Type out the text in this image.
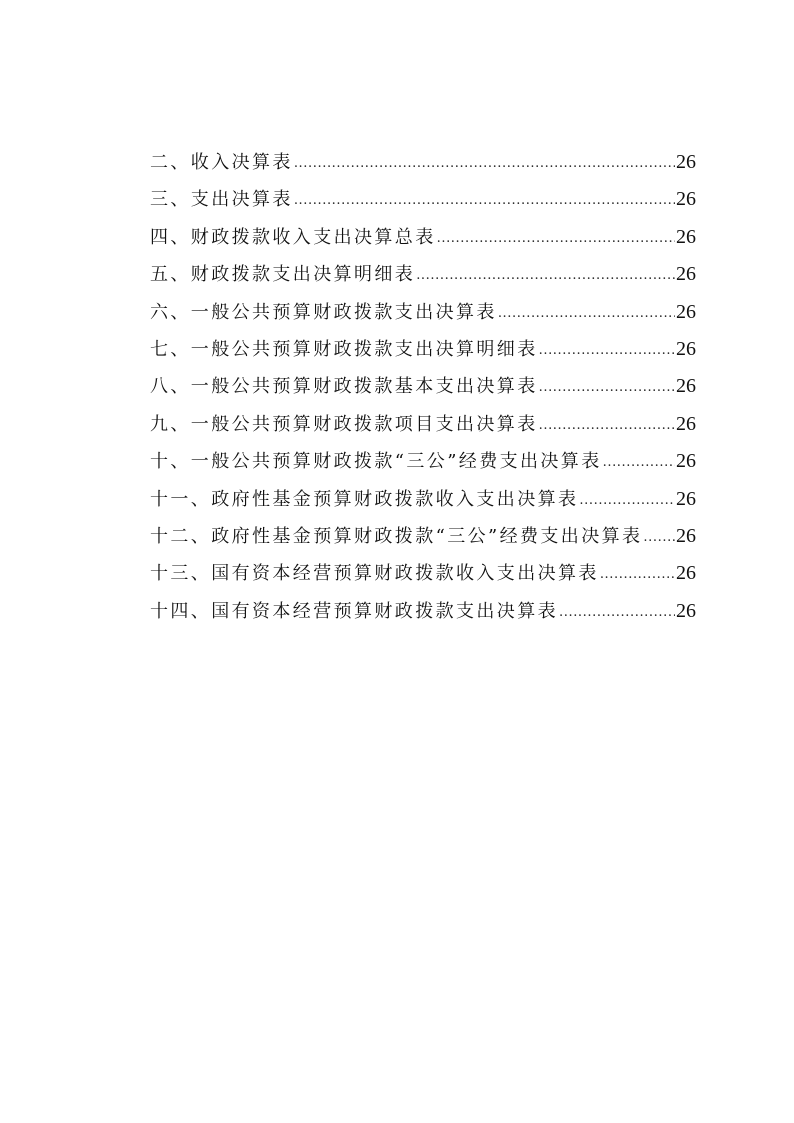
二、收入决算表 .....	26
三、支出决算表 .....	26
四、财政拨款收入支出决算总表 .....	26
五、财政拨款支出决算明细表 .....	26
六、一般公共预算财政拨款支出决算表 .....	26
七、一般公共预算财政拨款支出决算明细表 .....	26
八、一般公共预算财政拨款基本支出决算表 .....	26
九、一般公共预算财政拨款项目支出决算表 .....	26
十、一般公共预算财政拨款“三公”经费支出决算表 .....	26
十一、政府性基金预算财政拨款收入支出决算表 .....	26
十二、政府性基金预算财政拨款“三公”经费支出决算表 ..... 26
十三、国有资本经营预算财政拨款收入支出决算表 .....	26
十四、国有资本经营预算财政拨款支出决算表 .....	26
